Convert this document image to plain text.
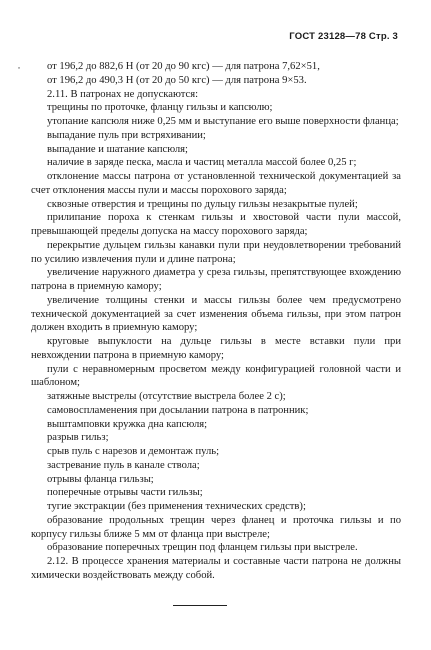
ГОСТ 23128—78 Стр. 3
˙	от 196,2 до 882,6 Н (от 20 до 90 кгс) — для патрона 7,62×51,

от 196,2 до 490,3 Н (от 20 до 50 кгс) — для патрона 9×53.

2.11. В патронах не допускаются:

трещины по проточке, фланцу гильзы и капсюлю;

утопание капсюля ниже 0,25 мм и выступание его выше поверхности фланца;

выпадание пуль при встряхивании;

выпадание и шатание капсюля;

наличие в заряде песка, масла и частиц металла массой более 0,25 г;

отклонение массы патрона от установленной технической документацией за счет отклонения массы пули и массы порохового заряда;

сквозные отверстия и трещины по дульцу гильзы незакрытые пулей;

прилипание пороха к стенкам гильзы и хвостовой части пули массой, превышающей пределы допуска на массу порохового заряда;

перекрытие дульцем гильзы канавки пули при неудовлетворении требований по усилию извлечения пули и длине патрона;

увеличение наружного диаметра у среза гильзы, препятствующее вхождению патрона в приемную камору;

увеличение толщины стенки и массы гильзы более чем предусмотрено технической документацией за счет изменения объема гильзы, при этом патрон должен входить в приемную камору;

круговые выпуклости на дульце гильзы в месте вставки пули при невхождении патрона в приемную камору;

пули с неравномерным просветом между конфигурацией головной части и шаблоном;

затяжные выстрелы (отсутствие выстрела более 2 с);

самовоспламенения при досылании патрона в патронник;

выштамповки кружка дна капсюля;

разрыв гильз;

срыв пуль с нарезов и демонтаж пуль;

застревание пуль в канале ствола;

отрывы фланца гильзы;

поперечные отрывы части гильзы;

тугие экстракции (без применения технических средств);

образование продольных трещин через фланец и проточка гильзы и по корпусу гильзы ближе 5 мм от фланца при выстреле;

образование поперечных трещин под фланцем гильзы при выстреле.

2.12. В процессе хранения материалы и составные части патрона не должны химически воздействовать между собой.
